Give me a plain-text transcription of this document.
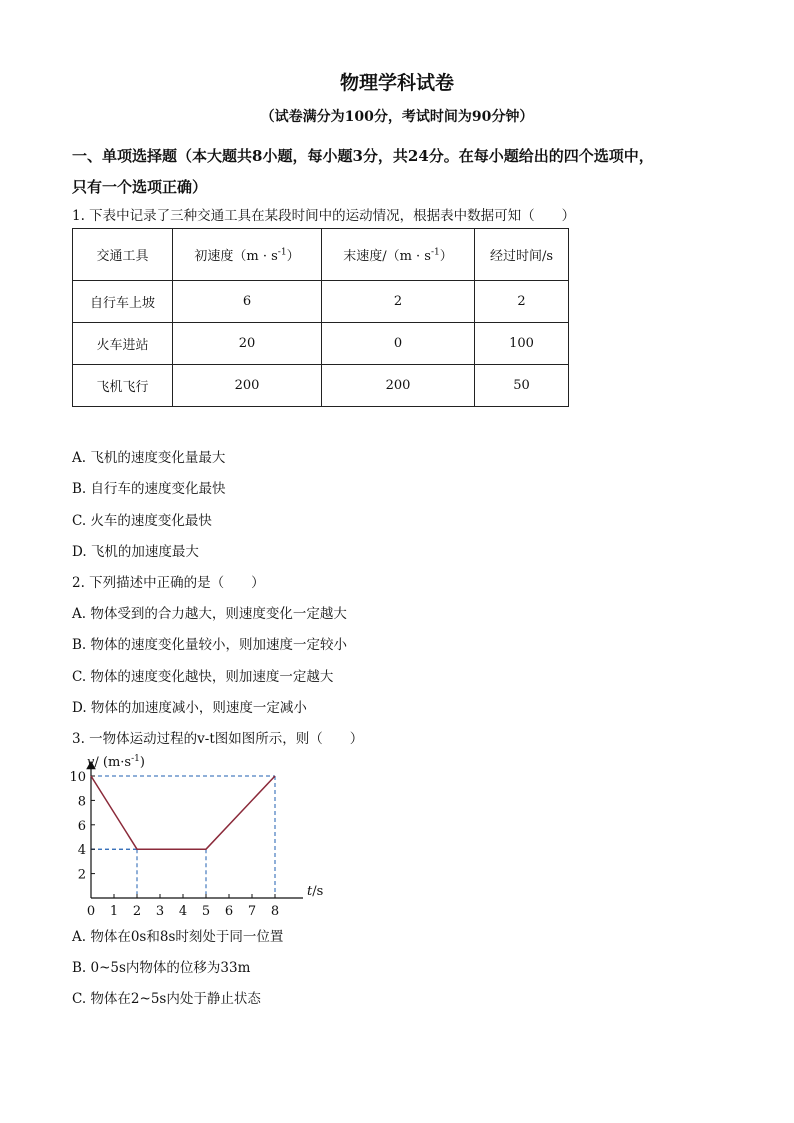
物理学科试卷
（试卷满分为100分，考试时间为90分钟）
一、单项选择题（本大题共8小题，每小题3分，共24分。在每小题给出的四个选项中，
只有一个选项正确）
1. 下表中记录了三种交通工具在某段时间中的运动情况，根据表中数据可知（　　）
交通工具	初速度$(m \cdot s^{-1})$	末速度$/(m \cdot s^{-1})$	经过时间/s
自行车上坡	6	2	2
火车进站	20	0	100
飞机飞行	200	200	50
A. 飞机的速度变化量最大
B. 自行车的速度变化最快
C. 火车的速度变化最快
D. 飞机的加速度最大
2. 下列描述中正确的是（　　）
A. 物体受到的合力越大，则速度变化一定越大
B. 物体的速度变化量较小，则加速度一定较小
C. 物体的速度变化越快，则加速度一定越大
D. 物体的加速度减小，则速度一定减小
3. 一物体运动过程的v-t图如图所示，则（　　）
0 1 2 3 4 5 6 7 8
2
4
6
8
10
v/ $(m\cdot s^{-1})$
t/s
A. 物体在0s和8s时刻处于同一位置
B. 0~5s内物体的位移为33m
C. 物体在2~5s内处于静止状态
